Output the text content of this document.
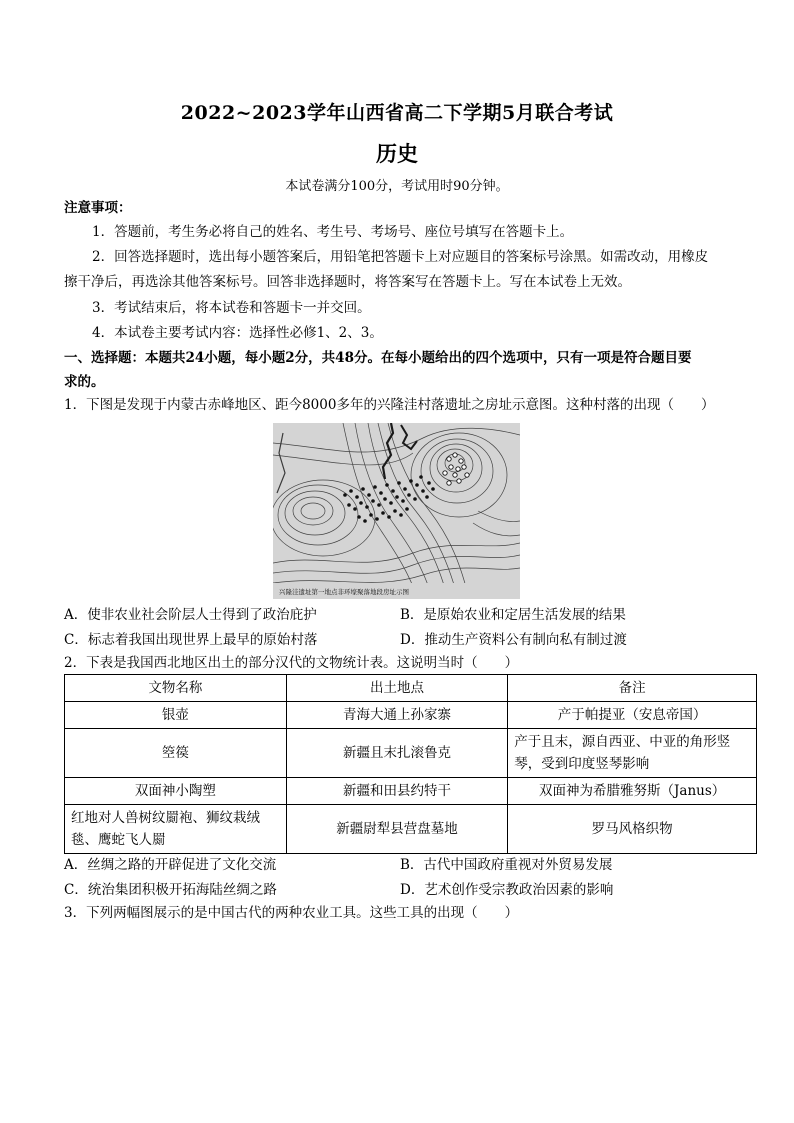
2022~2023学年山西省高二下学期5月联合考试
历史
本试卷满分100分，考试用时90分钟。
注意事项：
1．答题前，考生务必将自己的姓名、考生号、考场号、座位号填写在答题卡上。
2．回答选择题时，选出每小题答案后，用铅笔把答题卡上对应题目的答案标号涂黑。如需改动，用橡皮
擦干净后，再选涂其他答案标号。回答非选择题时，将答案写在答题卡上。写在本试卷上无效。
3．考试结束后，将本试卷和答题卡一并交回。
4．本试卷主要考试内容：选择性必修1、2、3。
一、选择题：本题共24小题，每小题2分，共48分。在每小题给出的四个选项中，只有一项是符合题目要
求的。
1．下图是发现于内蒙古赤峰地区、距今8000多年的兴隆洼村落遗址之房址示意图。这种村落的出现（　　）
兴隆洼遗址第一地点非环壕聚落地段房址示图
A．使非农业社会阶层人士得到了政治庇护	B．是原始农业和定居生活发展的结果
C．标志着我国出现世界上最早的原始村落	D．推动生产资料公有制向私有制过渡
2．下表是我国西北地区出土的部分汉代的文物统计表。这说明当时（　　）
文物名称	出土地点	备注
银壶	青海大通上孙家寨	产于帕提亚（安息帝国）
箜篌	新疆且末扎滚鲁克	产于且末，源自西亚、中亚的角形竖琴，受到印度竖琴影响
双面神小陶塑	新疆和田县约特干	双面神为希腊雅努斯（Janus）
红地对人兽树纹罽袍、狮纹栽绒毯、鹰蛇飞人罽	新疆尉犁县营盘墓地	罗马风格织物
A．丝绸之路的开辟促进了文化交流	B．古代中国政府重视对外贸易发展
C．统治集团积极开拓海陆丝绸之路	D．艺术创作受宗教政治因素的影响
3．下列两幅图展示的是中国古代的两种农业工具。这些工具的出现（　　）
